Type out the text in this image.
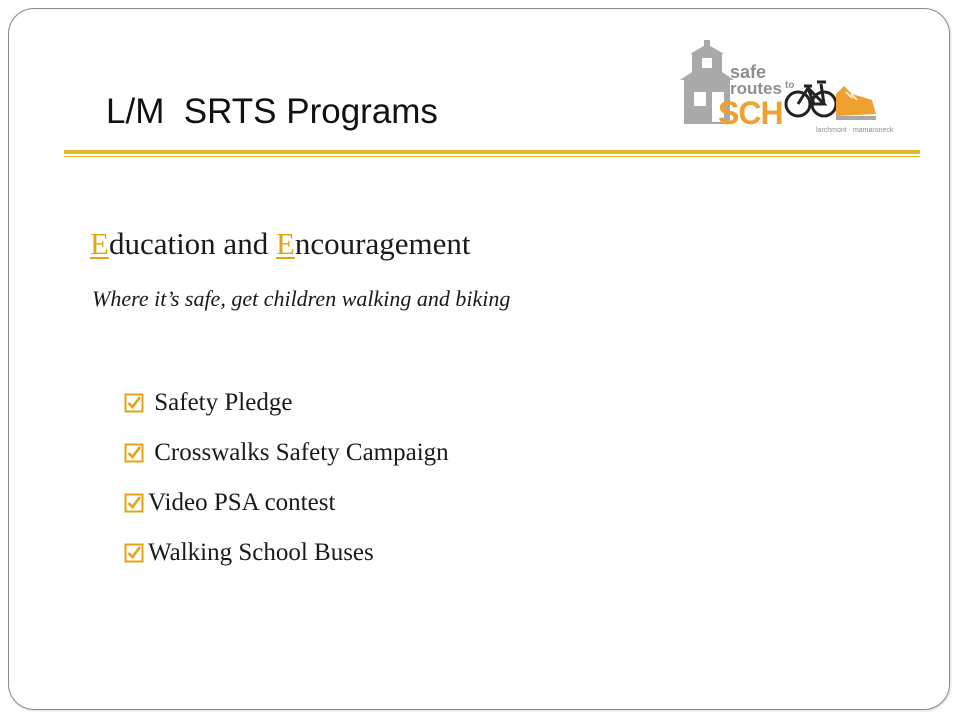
L/M  SRTS Programs
safe
routes to
SCH	larchmont · mamaroneck
Education and Encouragement
Where it’s safe, get children walking and biking
Safety Pledge
Crosswalks Safety Campaign
Video PSA contest
Walking School Buses
